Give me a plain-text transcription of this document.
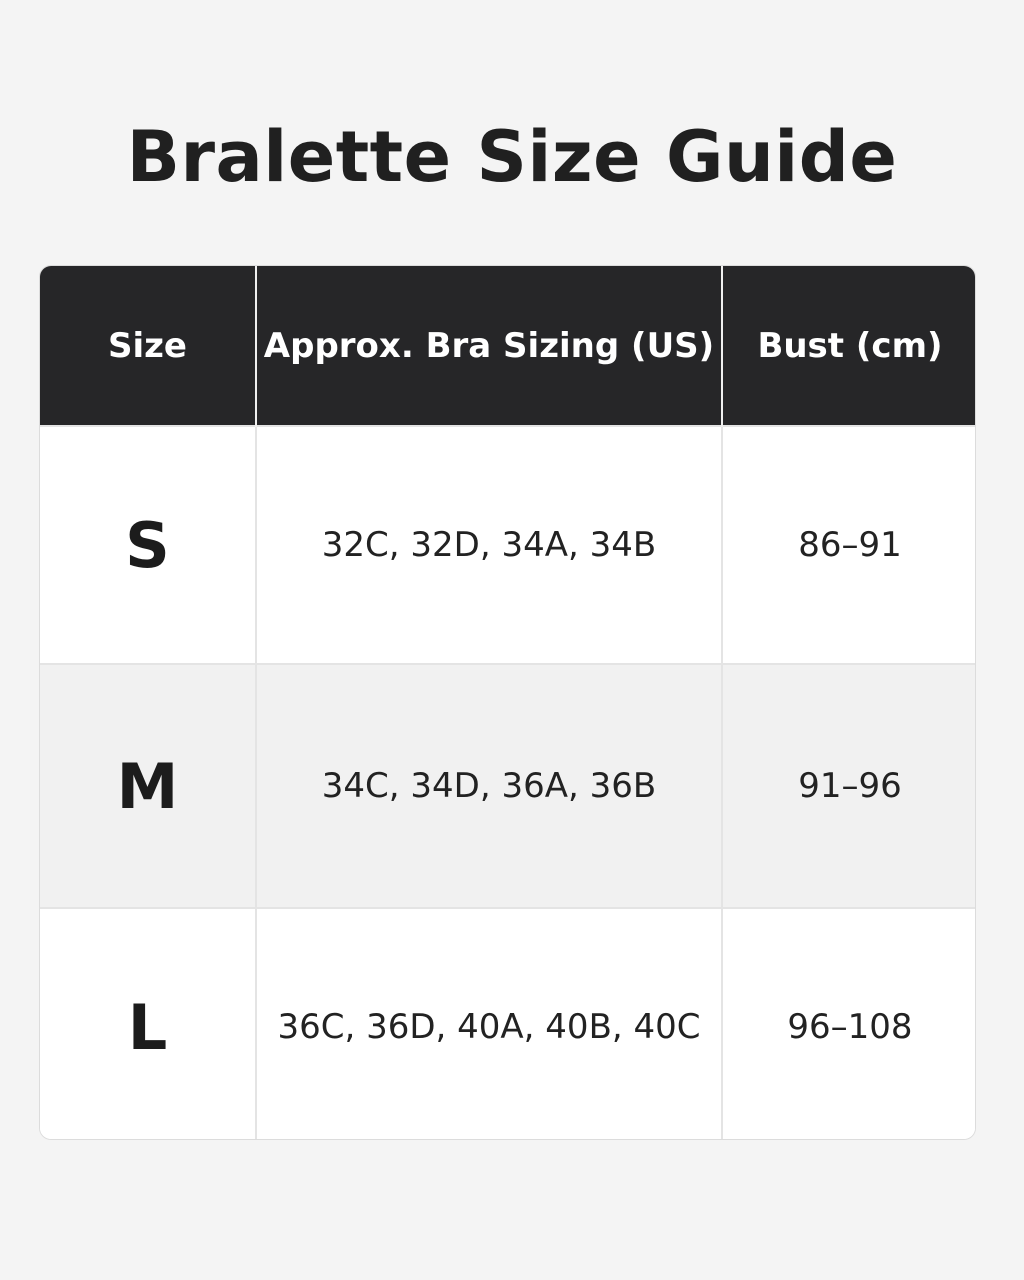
Bralette Size Guide
Size	Approx. Bra Sizing (US)	Bust (cm)
S	32C, 32D, 34A, 34B	86–91
M	34C, 34D, 36A, 36B	91–96
L	36C, 36D, 40A, 40B, 40C	96–108
